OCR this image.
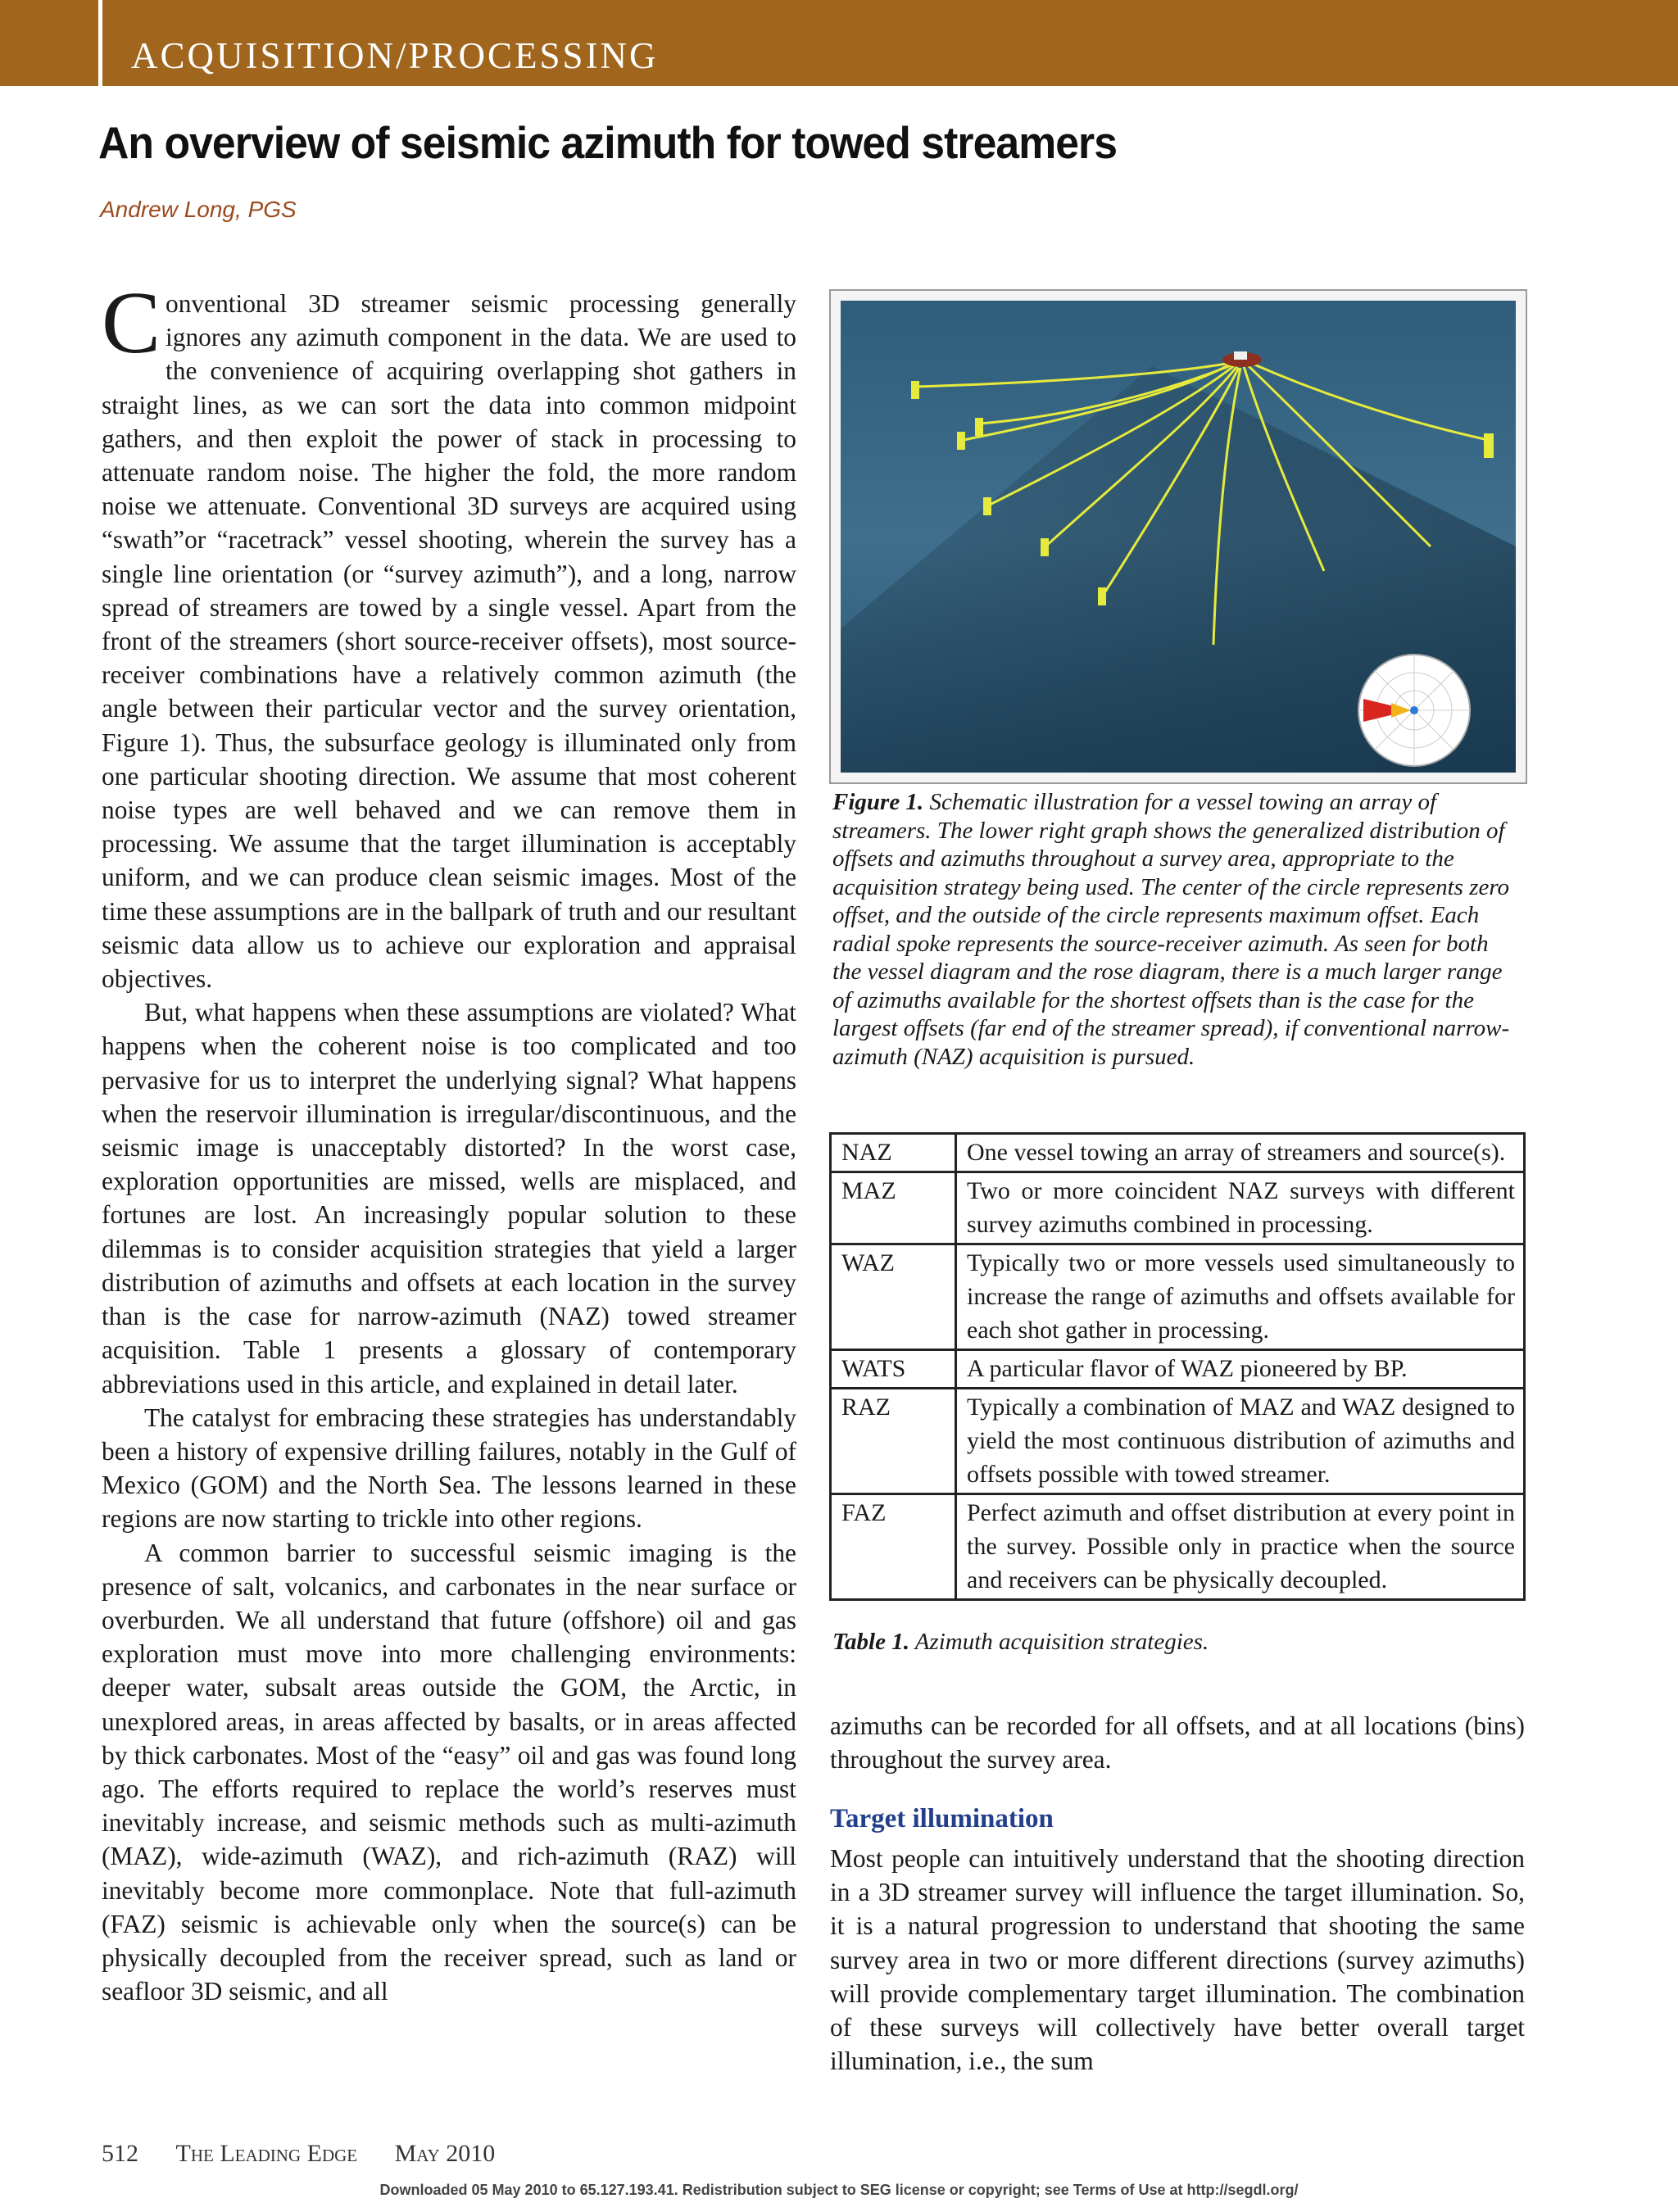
ACQUISITION/PROCESSING
An overview of seismic azimuth for towed streamers
Andrew Long, PGS

Conventional 3D streamer seismic processing generally ignores any azimuth component in the data. We are used to the convenience of acquiring overlapping shot gathers in straight lines, as we can sort the data into common midpoint gathers, and then exploit the power of stack in processing to attenuate random noise. The higher the fold, the more random noise we attenuate. Conventional 3D surveys are acquired using “swath”or “racetrack” vessel shooting, wherein the survey has a single line orientation (or “survey azimuth”), and a long, narrow spread of streamers are towed by a single vessel. Apart from the front of the streamers (short source-receiver offsets), most source-receiver combinations have a relatively common azimuth (the angle between their particular vector and the survey orientation, Figure 1). Thus, the subsurface geology is illuminated only from one particular shooting direction. We assume that most coherent noise types are well behaved and we can remove them in processing. We assume that the target illumination is acceptably uniform, and we can produce clean seismic images. Most of the time these assumptions are in the ballpark of truth and our resultant seismic data allow us to achieve our exploration and appraisal objectives.

But, what happens when these assumptions are violated? What happens when the coherent noise is too complicated and too pervasive for us to interpret the underlying signal? What happens when the reservoir illumination is irregular/discontinuous, and the seismic image is unacceptably distorted? In the worst case, exploration opportunities are missed, wells are misplaced, and fortunes are lost. An increasingly popular solution to these dilemmas is to consider acquisition strategies that yield a larger distribution of azimuths and offsets at each location in the survey than is the case for narrow-azimuth (NAZ) towed streamer acquisition. Table 1 presents a glossary of contemporary abbreviations used in this article, and explained in detail later.

The catalyst for embracing these strategies has understandably been a history of expensive drilling failures, notably in the Gulf of Mexico (GOM) and the North Sea. The lessons learned in these regions are now starting to trickle into other regions.

A common barrier to successful seismic imaging is the presence of salt, volcanics, and carbonates in the near surface or overburden. We all understand that future (offshore) oil and gas exploration must move into more challenging environments: deeper water, subsalt areas outside the GOM, the Arctic, in unexplored areas, in areas affected by basalts, or in areas affected by thick carbonates. Most of the “easy” oil and gas was found long ago. The efforts required to replace the world’s reserves must inevitably increase, and seismic methods such as multi-azimuth (MAZ), wide-azimuth (WAZ), and rich-azimuth (RAZ) will inevitably become more commonplace. Note that full-azimuth (FAZ) seismic is achievable only when the source(s) can be physically decoupled from the receiver spread, such as land or seafloor 3D seismic, and all

Figure 1. Schematic illustration for a vessel towing an array of streamers. The lower right graph shows the generalized distribution of offsets and azimuths throughout a survey area, appropriate to the acquisition strategy being used. The center of the circle represents zero offset, and the outside of the circle represents maximum offset. Each radial spoke represents the source-receiver azimuth. As seen for both the vessel diagram and the rose diagram, there is a much larger range of azimuths available for the shortest offsets than is the case for the largest offsets (far end of the streamer spread), if conventional narrow-azimuth (NAZ) acquisition is pursued.
NAZ	One vessel towing an array of streamers and source(s).
MAZ	Two or more coincident NAZ surveys with different survey azimuths combined in processing.
WAZ	Typically two or more vessels used simultaneously to increase the range of azimuths and offsets available for each shot gather in processing.
WATS	A particular flavor of WAZ pioneered by BP.
RAZ	Typically a combination of MAZ and WAZ designed to yield the most continuous distribution of azimuths and offsets possible with towed streamer.
FAZ	Perfect azimuth and offset distribution at every point in the survey. Possible only in practice when the source and receivers can be physically decoupled.
Table 1. Azimuth acquisition strategies.

azimuths can be recorded for all offsets, and at all locations (bins) throughout the survey area.

Target illumination

Most people can intuitively understand that the shooting direction in a 3D streamer survey will influence the target illumination. So, it is a natural progression to understand that shooting the same survey area in two or more different directions (survey azimuths) will provide complementary target illumination. The combination of these surveys will collectively have better overall target illumination, i.e., the sum

512 The Leading Edge May 2010
Downloaded 05 May 2010 to 65.127.193.41. Redistribution subject to SEG license or copyright; see Terms of Use at http://segdl.org/
